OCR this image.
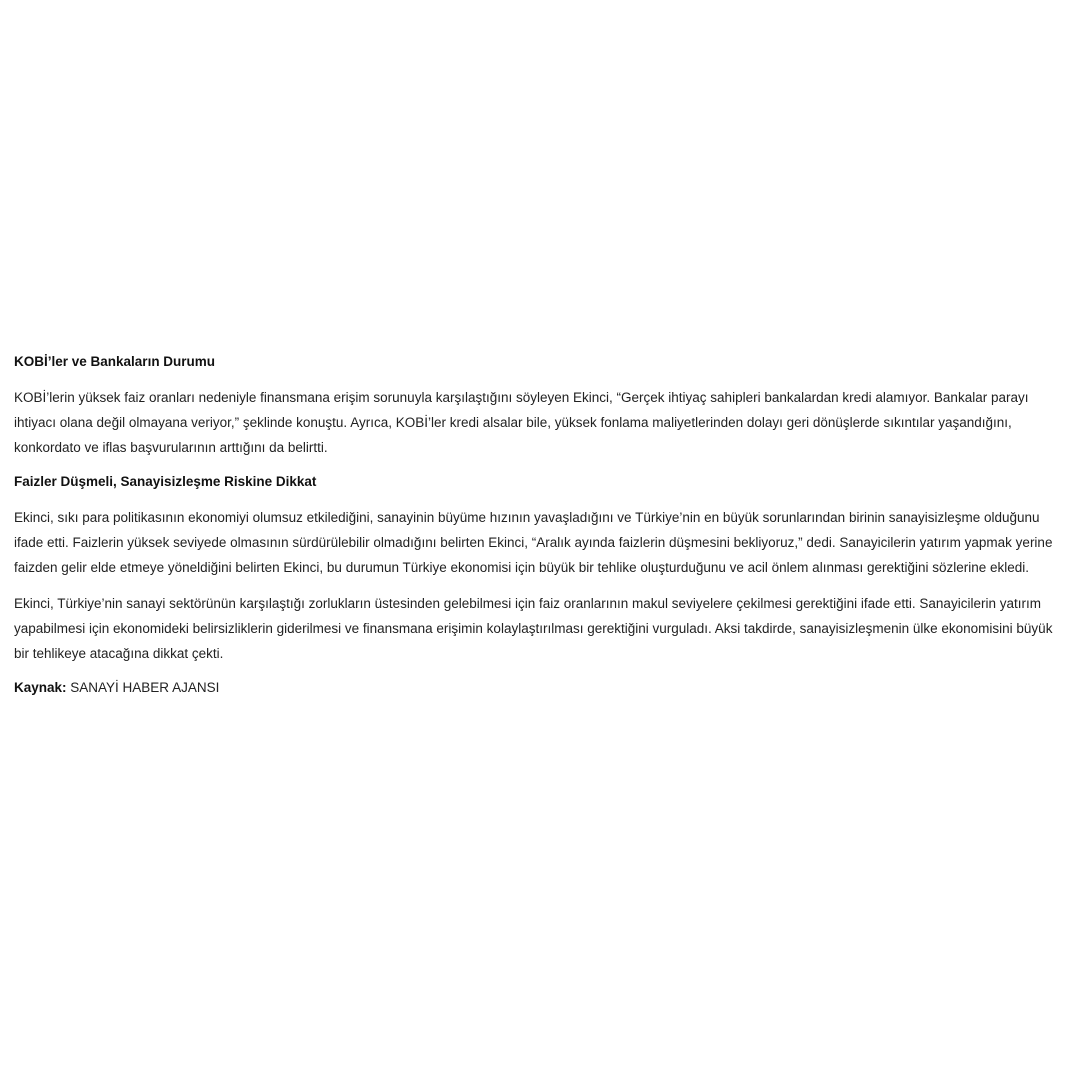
KOBİ’ler ve Bankaların Durumu

KOBİ’lerin yüksek faiz oranları nedeniyle finansmana erişim sorunuyla karşılaştığını söyleyen Ekinci, “Gerçek ihtiyaç sahipleri bankalardan kredi alamıyor. Bankalar parayı ihtiyacı olana değil olmayana veriyor,” şeklinde konuştu. Ayrıca, KOBİ’ler kredi alsalar bile, yüksek fonlama maliyetlerinden dolayı geri dönüşlerde sıkıntılar yaşandığını, konkordato ve iflas başvurularının arttığını da belirtti.

Faizler Düşmeli, Sanayisizleşme Riskine Dikkat

Ekinci, sıkı para politikasının ekonomiyi olumsuz etkilediğini, sanayinin büyüme hızının yavaşladığını ve Türkiye’nin en büyük sorunlarından birinin sanayisizleşme olduğunu ifade etti. Faizlerin yüksek seviyede olmasının sürdürülebilir olmadığını belirten Ekinci, “Aralık ayında faizlerin düşmesini bekliyoruz,” dedi. Sanayicilerin yatırım yapmak yerine faizden gelir elde etmeye yöneldiğini belirten Ekinci, bu durumun Türkiye ekonomisi için büyük bir tehlike oluşturduğunu ve acil önlem alınması gerektiğini sözlerine ekledi.

Ekinci, Türkiye’nin sanayi sektörünün karşılaştığı zorlukların üstesinden gelebilmesi için faiz oranlarının makul seviyelere çekilmesi gerektiğini ifade etti. Sanayicilerin yatırım yapabilmesi için ekonomideki belirsizliklerin giderilmesi ve finansmana erişimin kolaylaştırılması gerektiğini vurguladı. Aksi takdirde, sanayisizleşmenin ülke ekonomisini büyük bir tehlikeye atacağına dikkat çekti.

Kaynak: SANAYİ HABER AJANSI
